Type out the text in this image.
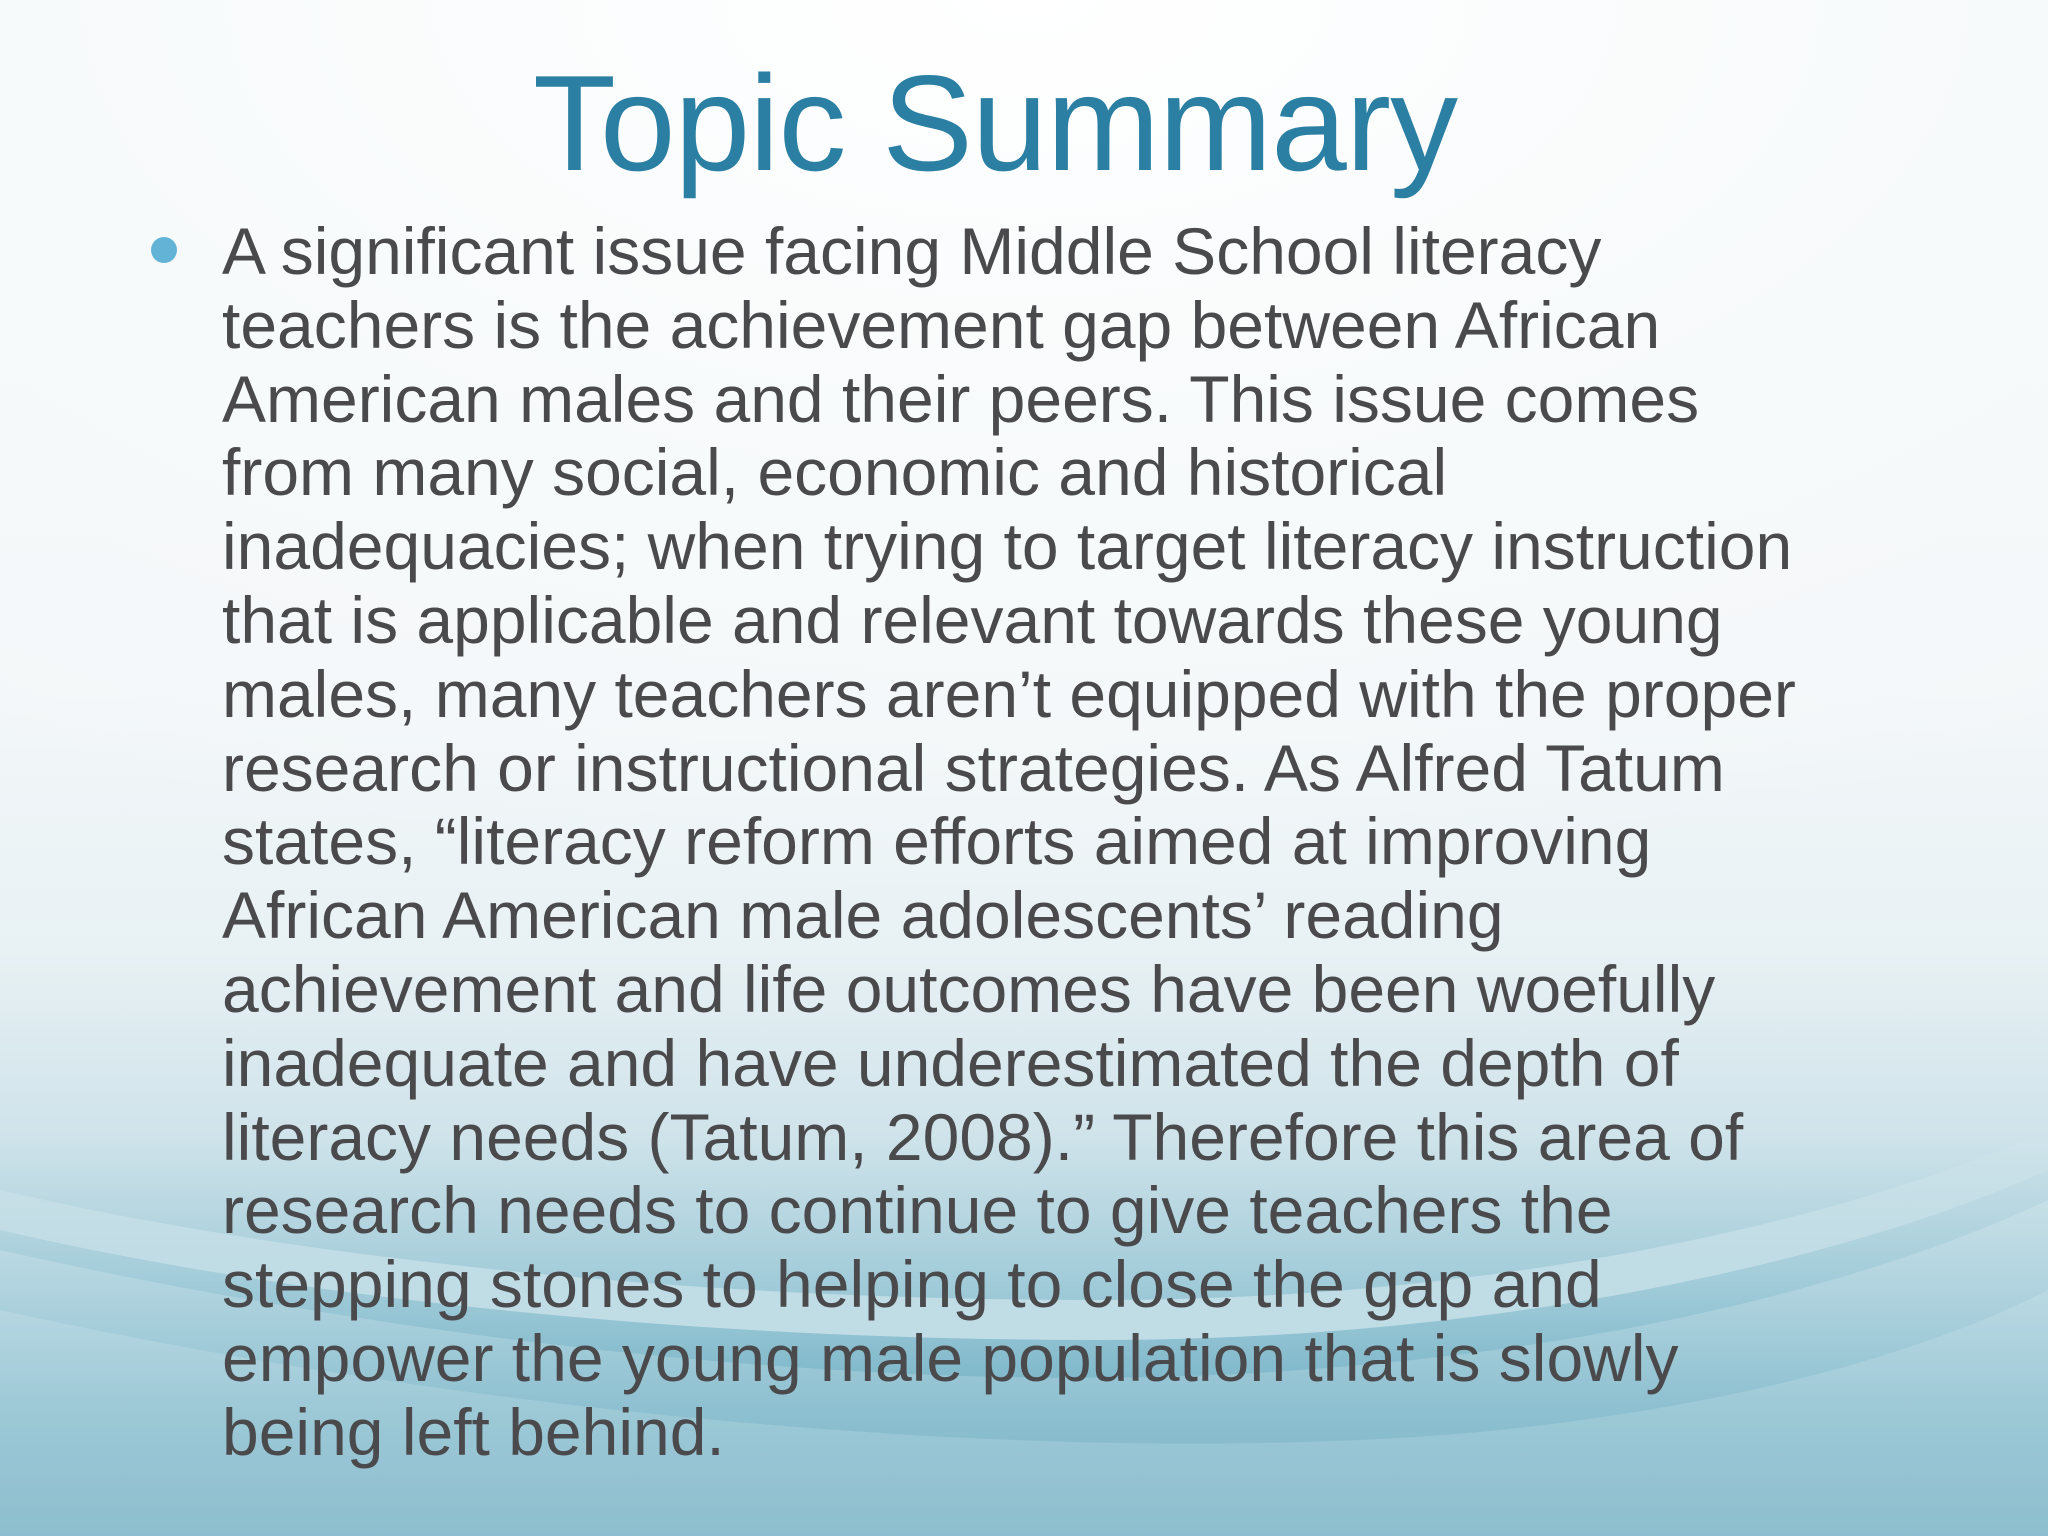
Topic Summary
A significant issue facing Middle School literacy
teachers is the achievement gap between African
American males and their peers. This issue comes
from many social, economic and historical
inadequacies; when trying to target literacy instruction
that is applicable and relevant towards these young
males, many teachers aren’t equipped with the proper
research or instructional strategies. As Alfred Tatum
states, “literacy reform efforts aimed at improving
African American male adolescents’ reading
achievement and life outcomes have been woefully
inadequate and have underestimated the depth of
literacy needs (Tatum, 2008).” Therefore this area of
research needs to continue to give teachers the
stepping stones to helping to close the gap and
empower the young male population that is slowly
being left behind.
